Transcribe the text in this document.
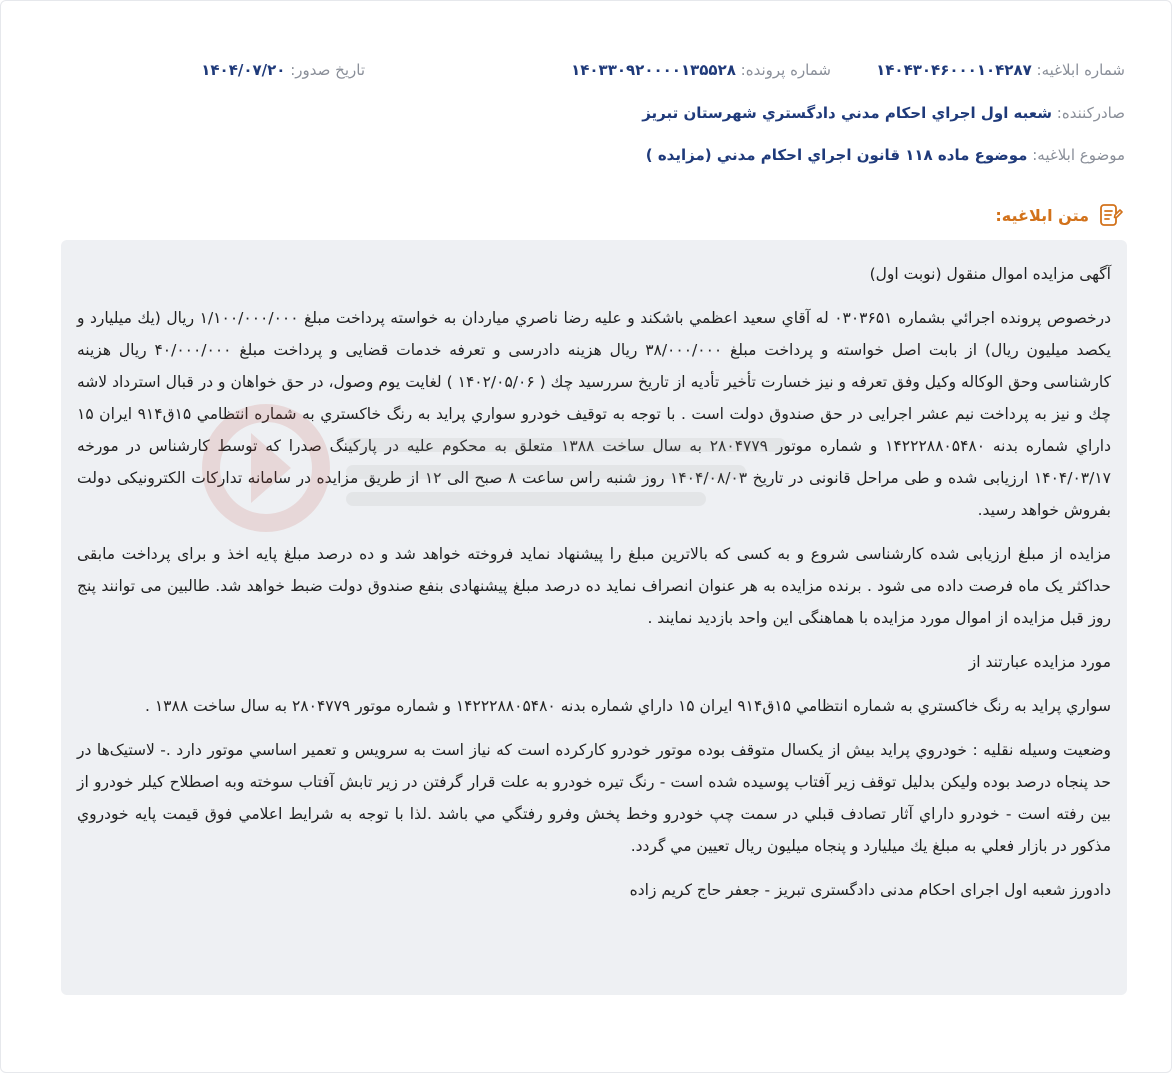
شماره ابلاغیه: ۱۴۰۴۳۰۴۶۰۰۰۱۰۴۲۸۷
شماره پرونده: ۱۴۰۳۳۰۹۲۰۰۰۰۱۳۵۵۲۸
تاریخ صدور: ۱۴۰۴/۰۷/۲۰
صادرکننده: شعبه اول اجراي احكام مدني دادگستري شهرستان تبريز
موضوع ابلاغیه: موضوع ماده ۱۱۸ قانون اجراي احكام مدني (مزايده )
متن ابلاغیه:

آگهی مزایده اموال منقول (نوبت اول)

درخصوص پرونده اجرائي بشماره ۰۳۰۳۶۵۱ له آقاي سعيد اعظمي باشكند و عليه رضا ناصري مياردان به خواسته پرداخت مبلغ ۱/۱۰۰/۰۰۰/۰۰۰ ريال (يك ميليارد و يكصد ميليون ريال) از بابت اصل خواسته و پرداخت مبلغ ۳۸/۰۰۰/۰۰۰ ريال هزينه دادرسی و تعرفه خدمات قضایی و پرداخت مبلغ ۴۰/۰۰۰/۰۰۰ ريال هزينه كارشناسی وحق الوكاله وكيل وفق تعرفه و نيز خسارت تأخير تأديه از تاريخ سررسيد چك ( ۱۴۰۲/۰۵/۰۶ ) لغايت يوم وصول، در حق خواهان و در قبال استرداد لاشه چك و نيز به پرداخت نيم عشر اجرايی در حق صندوق دولت است . با توجه به توقيف خودرو سواري پرايد به رنگ خاكستري به شماره انتظامي ۱۵ق۹۱۴ ايران ۱۵ داراي شماره بدنه ۱۴۲۲۲۸۸۰۵۴۸۰ و شماره موتور ۲۸۰۴۷۷۹ به سال ساخت ۱۳۸۸ متعلق به محكوم عليه در پاركينگ صدرا كه توسط كارشناس در مورخه ۱۴۰۴/۰۳/۱۷ ارزيابی شده و طی مراحل قانونی در تاریخ ۱۴۰۴/۰۸/۰۳ روز شنبه راس ساعت ۸ صبح الی ۱۲ از طریق مزایده در سامانه تداركات الكترونيكی دولت بفروش خواهد رسید.

مزايده از مبلغ ارزيابی شده كارشناسی شروع و به كسی كه بالاترين مبلغ را پيشنهاد نمايد فروخته خواهد شد و ده درصد مبلغ پايه اخذ و برای پرداخت مابقی حداكثر يک ماه فرصت داده می شود . برنده مزايده به هر عنوان انصراف نمايد ده درصد مبلغ پيشنهادی بنفع صندوق دولت ضبط خواهد شد. طالبين می توانند پنج روز قبل مزايده از اموال مورد مزايده با هماهنگی اين واحد بازديد نمايند .

مورد مزايده عبارتند از

سواري پرايد به رنگ خاكستري به شماره انتظامي ۱۵ق۹۱۴ ايران ۱۵ داراي شماره بدنه ۱۴۲۲۲۸۸۰۵۴۸۰ و شماره موتور ۲۸۰۴۷۷۹ به سال ساخت ۱۳۸۸ .

وضعيت وسيله نقليه : خودروي پرايد بيش از يكسال متوقف بوده موتور خودرو كاركرده است كه نياز است به سرويس و تعمير اساسي موتور دارد .- لاستيک‌ها در حد پنجاه درصد بوده وليكن بدليل توقف زير آفتاب پوسيده شده است - رنگ تيره خودرو به علت قرار گرفتن در زير تابش آفتاب سوخته وبه اصطلاح كيلر خودرو از بين رفته است - خودرو داراي آثار تصادف قبلي در سمت چپ خودرو وخط پخش وفرو رفتگي مي باشد .لذا با توجه به شرايط اعلامي فوق قيمت پايه خودروي مذكور در بازار فعلي به مبلغ يك ميليارد و پنجاه ميليون ريال تعيين مي گردد.

دادورز شعبه اول اجرای احکام مدنی دادگستری تبریز - جعفر حاج کریم زاده
